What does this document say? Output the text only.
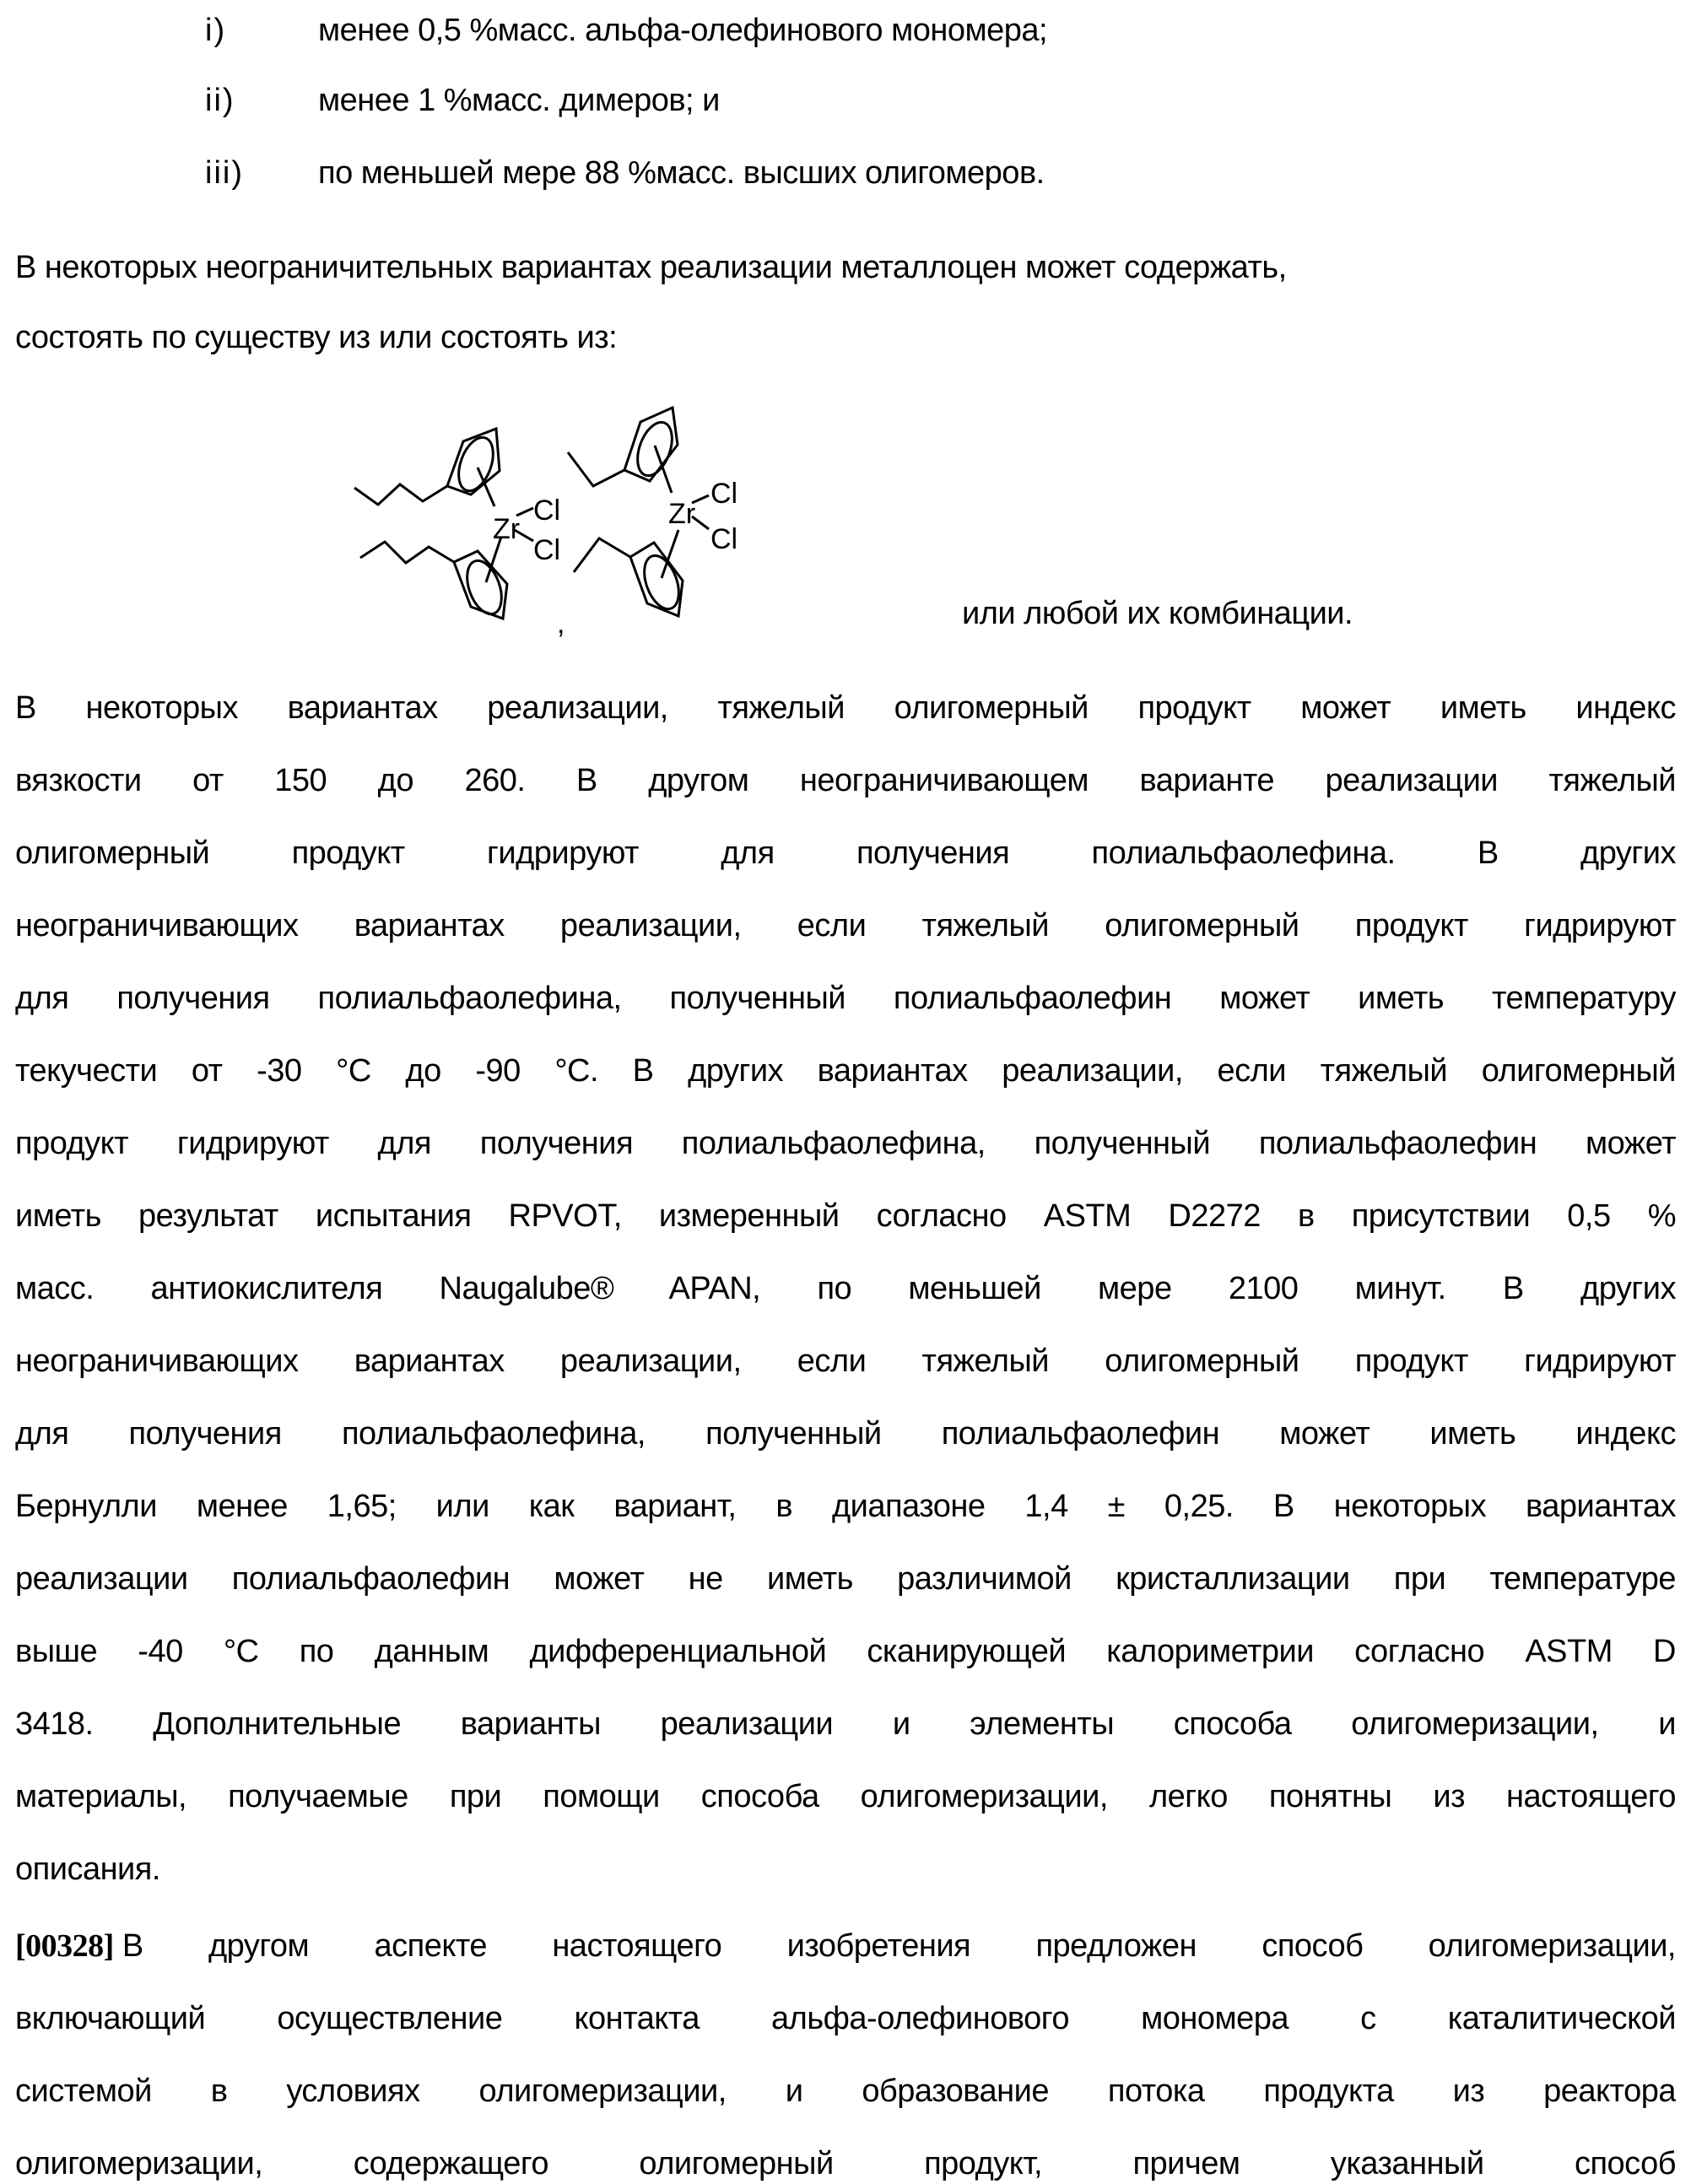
i)	менее 0,5 %масс. альфа-олефинового мономера;
ii)	менее 1 %масс. димеров; и
iii) по меньшей мере 88 %масс. высших олигомеров.
В некоторых неограничительных вариантах реализации металлоцен может содержать,
состоять по существу из или состоять из:
Zr
Cl
Cl
Zr
Cl
Cl
,	или любой их комбинации.
В некоторых вариантах реализации, тяжелый олигомерный продукт может иметь индекс
вязкости от 150 до 260. В другом неограничивающем варианте реализации тяжелый
олигомерный продукт гидрируют для получения полиальфаолефина. В других
неограничивающих вариантах реализации, если тяжелый олигомерный продукт гидрируют
для получения полиальфаолефина, полученный полиальфаолефин может иметь температуру
текучести от -30 °C до -90 °C. В других вариантах реализации, если тяжелый олигомерный
продукт гидрируют для получения полиальфаолефина, полученный полиальфаолефин может
иметь результат испытания RPVOT, измеренный согласно ASTM D2272 в присутствии 0,5 %
масс. антиокислителя Naugalube® APAN, по меньшей мере 2100 минут. В других
неограничивающих вариантах реализации, если тяжелый олигомерный продукт гидрируют
для получения полиальфаолефина, полученный полиальфаолефин может иметь индекс
Бернулли менее 1,65; или как вариант, в диапазоне 1,4 ± 0,25. В некоторых вариантах
реализации полиальфаолефин может не иметь различимой кристаллизации при температуре
выше -40 °C по данным дифференциальной сканирующей калориметрии согласно ASTM D
3418. Дополнительные варианты реализации и элементы способа олигомеризации, и
материалы, получаемые при помощи способа олигомеризации, легко понятны из настоящего
описания.
[00328] В другом аспекте настоящего изобретения предложен способ олигомеризации,
включающий осуществление контакта альфа-олефинового мономера с каталитической
системой в условиях олигомеризации, и образование потока продукта из реактора
олигомеризации, содержащего олигомерный продукт, причем указанный способ
